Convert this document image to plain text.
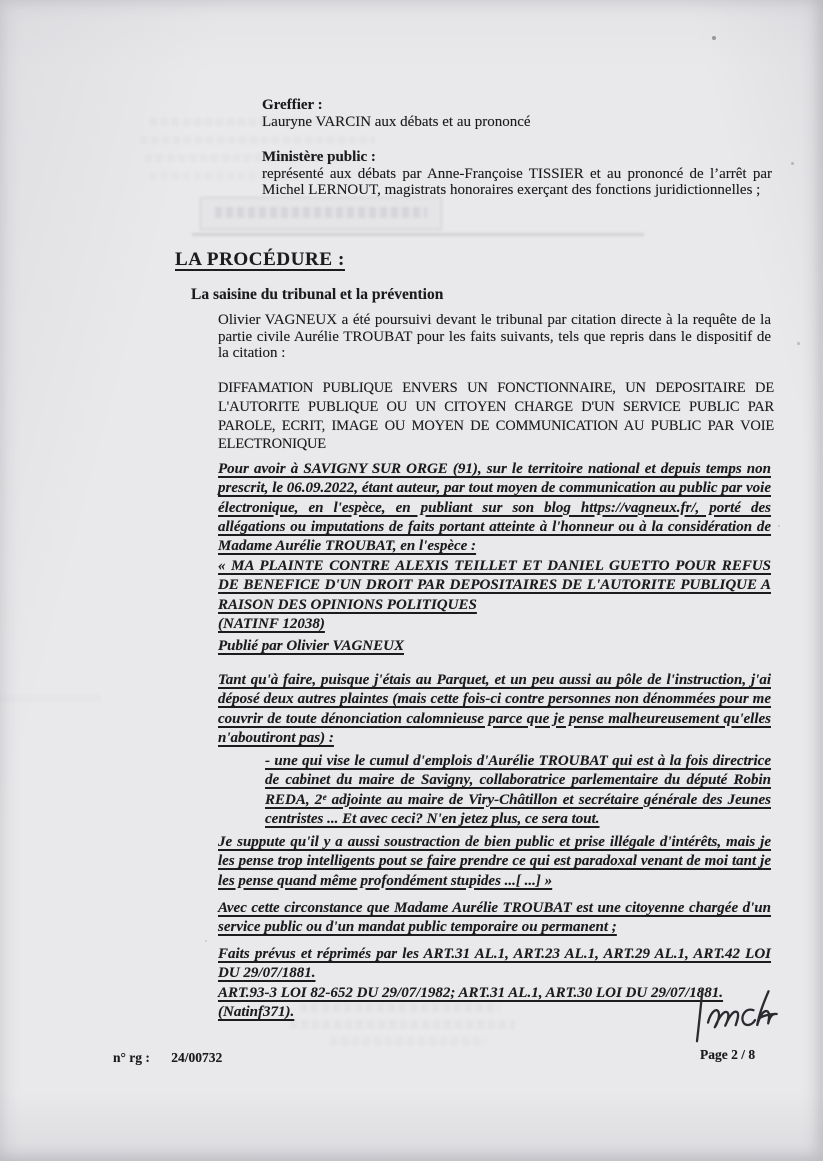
Greffier :
Lauryne VARCIN aux débats et au prononcé
Ministère public :
représenté aux débats par Anne-Françoise TISSIER et au prononcé de l’arrêt par Michel LERNOUT, magistrats honoraires exerçant des fonctions juridictionnelles ;
LA PROCÉDURE :
La saisine du tribunal et la prévention
Olivier VAGNEUX a été poursuivi devant le tribunal par citation directe à la requête de la partie civile Aurélie TROUBAT pour les faits suivants, tels que repris dans le dispositif de la citation :
DIFFAMATION PUBLIQUE ENVERS UN FONCTIONNAIRE, UN DEPOSITAIRE DE L'AUTORITE PUBLIQUE OU UN CITOYEN CHARGE D'UN SERVICE PUBLIC PAR PAROLE, ECRIT, IMAGE OU MOYEN DE COMMUNICATION AU PUBLIC PAR VOIE ELECTRONIQUE
Pour avoir à SAVIGNY SUR ORGE (91), sur le territoire national et depuis temps non prescrit, le 06.09.2022, étant auteur, par tout moyen de communication au public par voie électronique, en l'espèce, en publiant sur son blog https://vagneux.fr/, porté des allégations ou imputations de faits portant atteinte à l'honneur ou à la considération de Madame Aurélie TROUBAT, en l'espèce :
« MA PLAINTE CONTRE ALEXIS TEILLET ET DANIEL GUETTO POUR REFUS DE BENEFICE D'UN DROIT PAR DEPOSITAIRES DE L'AUTORITE PUBLIQUE A RAISON DES OPINIONS POLITIQUES
(NATINF 12038)
Publié par Olivier VAGNEUX
Tant qu'à faire, puisque j'étais au Parquet, et un peu aussi au pôle de l'instruction, j'ai déposé deux autres plaintes (mais cette fois-ci contre personnes non dénommées pour me couvrir de toute dénonciation calomnieuse parce que je pense malheureusement qu'elles n'aboutiront pas) :
- une qui vise le cumul d'emplois d'Aurélie TROUBAT qui est à la fois directrice de cabinet du maire de Savigny, collaboratrice parlementaire du député Robin REDA, 2ᵉ adjointe au maire de Viry-Châtillon et secrétaire générale des Jeunes centristes ... Et avec ceci? N'en jetez plus, ce sera tout.
Je suppute qu'il y a aussi soustraction de bien public et prise illégale d'intérêts, mais je les pense trop intelligents pout se faire prendre ce qui est paradoxal venant de moi tant je les pense quand même profondément stupides ...[ ...] »
Avec cette circonstance que Madame Aurélie TROUBAT est une citoyenne chargée d'un service public ou d'un mandat public temporaire ou permanent ;
Faits prévus et réprimés par les ART.31 AL.1, ART.23 AL.1, ART.29 AL.1, ART.42 LOI DU 29/07/1881.
ART.93-3 LOI 82-652 DU 29/07/1982; ART.31 AL.1, ART.30 LOI DU 29/07/1881.
(Natinf371).
n° rg : 24/00732	Page 2 / 8
